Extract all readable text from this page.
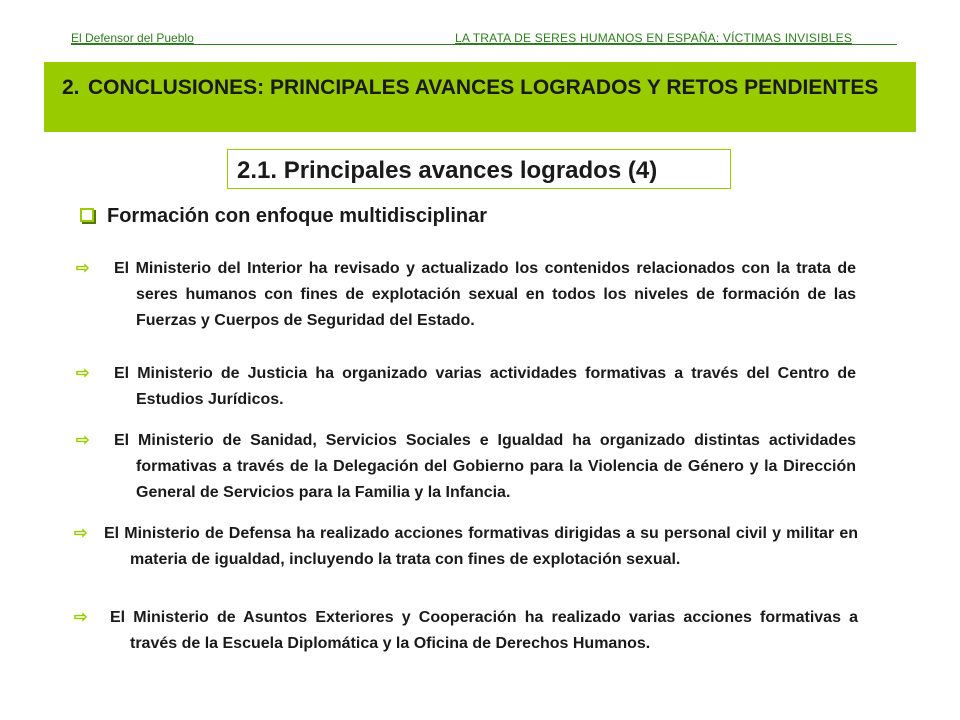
El Defensor del Pueblo	LA TRATA DE SERES HUMANOS EN ESPAÑA: VÍCTIMAS INVISIBLES
2. CONCLUSIONES: PRINCIPALES AVANCES LOGRADOS Y RETOS PENDIENTES
2.1. Principales avances logrados (4)
Formación con enfoque multidisciplinar
⇨ El Ministerio del Interior ha revisado y actualizado los contenidos relacionados con la trata de seres humanos con fines de explotación sexual en todos los niveles de formación de las Fuerzas y Cuerpos de Seguridad del Estado.
⇨ El Ministerio de Justicia ha organizado varias actividades formativas a través del Centro de Estudios Jurídicos.
⇨ El Ministerio de Sanidad, Servicios Sociales e Igualdad ha organizado distintas actividades formativas a través de la Delegación del Gobierno para la Violencia de Género y la Dirección General de Servicios para la Familia y la Infancia.
⇨ El Ministerio de Defensa ha realizado acciones formativas dirigidas a su personal civil y militar en materia de igualdad, incluyendo la trata con fines de explotación sexual.
⇨ El Ministerio de Asuntos Exteriores y Cooperación ha realizado varias acciones formativas a través de la Escuela Diplomática y la Oficina de Derechos Humanos.
